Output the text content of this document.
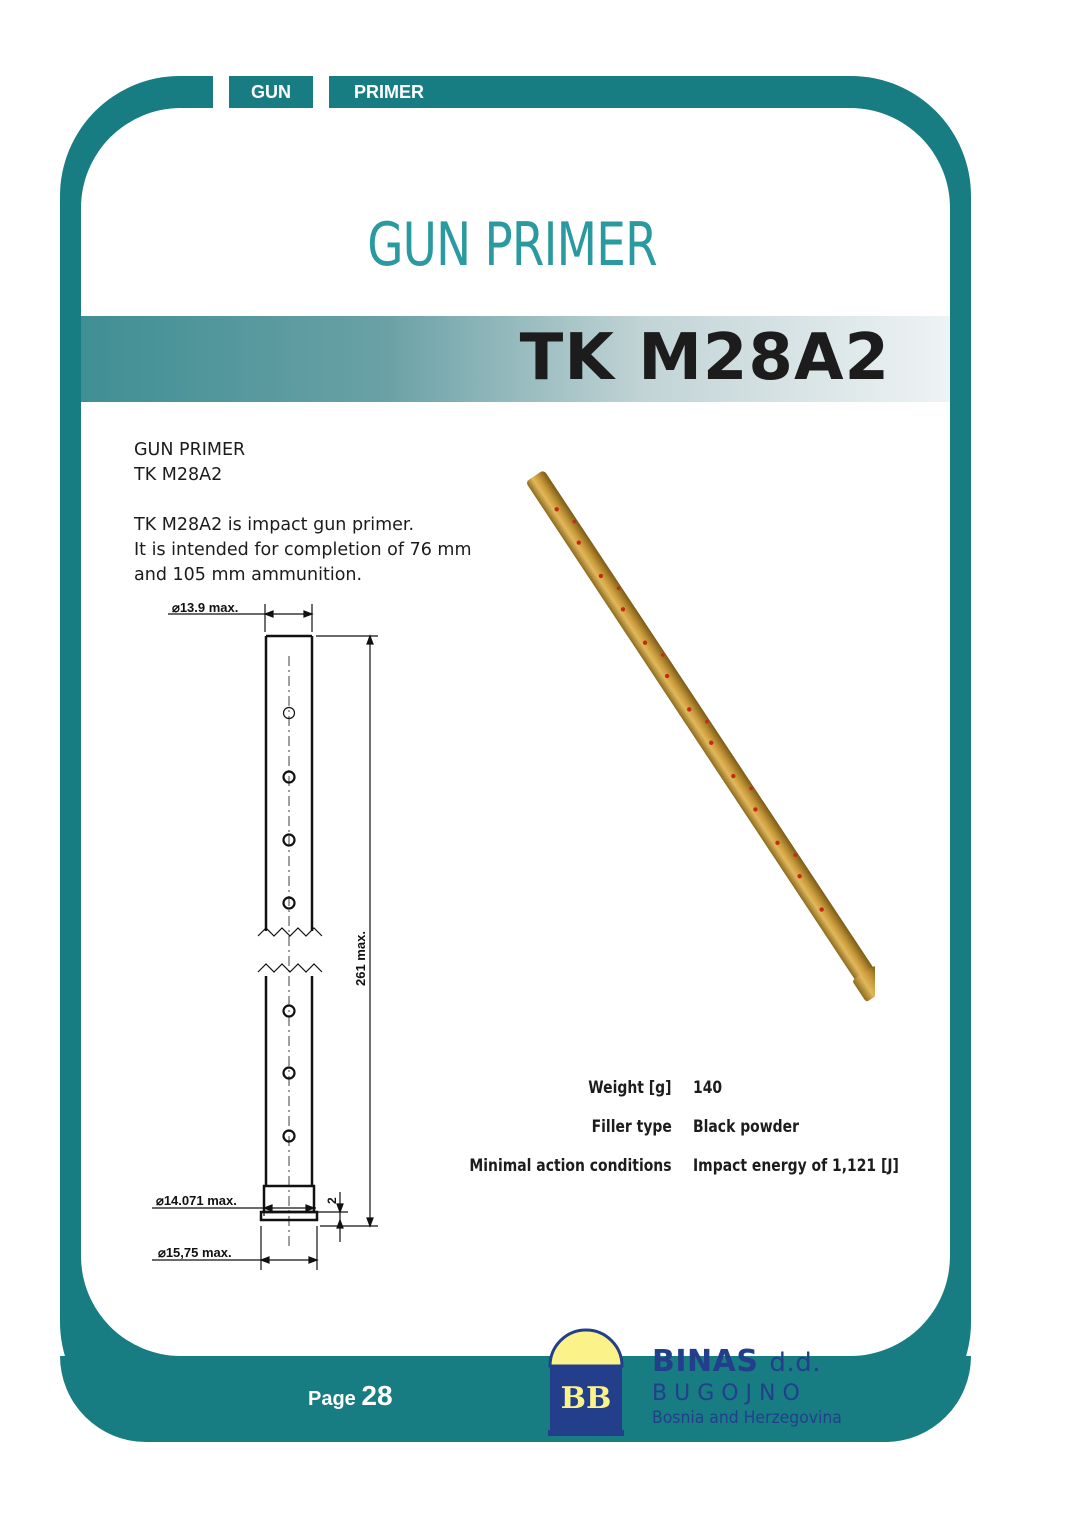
GUN	PRIMER
GUN PRIMER
TK M28A2
GUN PRIMER
TK M28A2
TK M28A2 is impact gun primer.
It is intended for completion of 76 mm
and 105 mm ammunition.
⌀13.9 max.
261 max.
2
⌀14.071 max.
⌀15,75 max.
Weight [g] 140
Filler type Black powder
Minimal action conditions Impact energy of 1,121 [J]
Page 28	BB
BINAS d.d.
BUGOJNO
Bosnia and Herzegovina
